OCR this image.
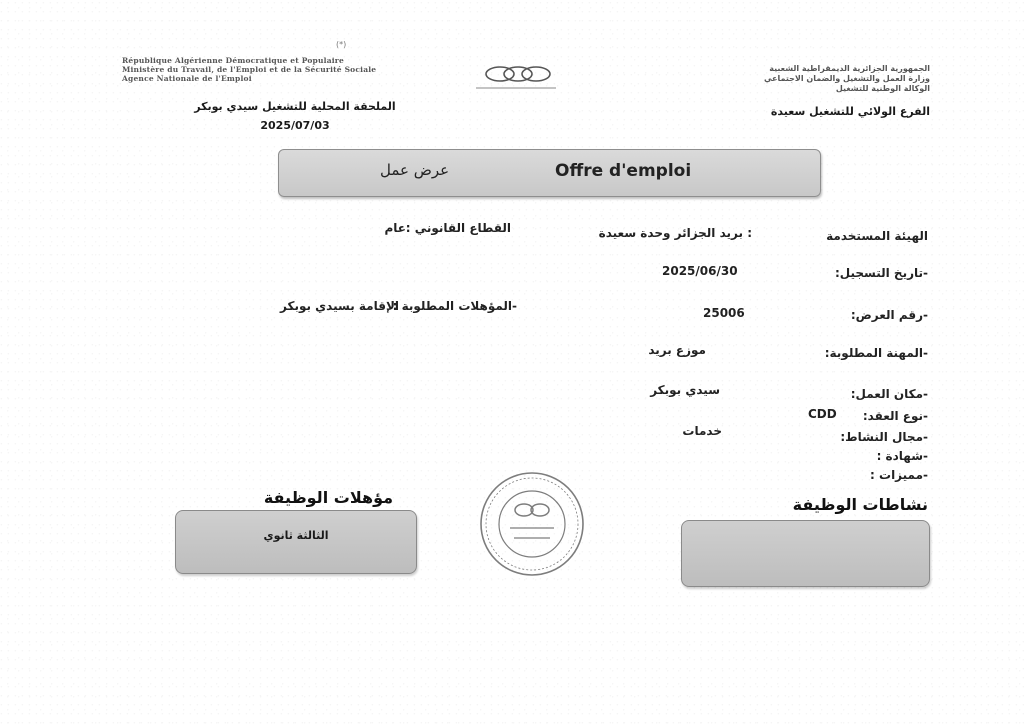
(*)
République Algérienne Démocratique et Populaire
Ministère du Travail, de l'Emploi et de la Sécurité Sociale
Agence Nationale de l'Emploi
الجمهورية الجزائرية الديمقراطية الشعبية
وزارة العمل والتشغيل والضمان الاجتماعي
الوكالة الوطنية للتشغيل
الملحقة المحلية للتشغيل سيدي بوبكر
2025/07/03
الفرع الولائي للتشغيل سعيدة
Offre d'emploi
عرض عمل
الهيئة المستخدمة
-تاريخ التسجيل:
-رقم العرض:
-المهنة المطلوبة:
-مكان العمل:
-نوع العقد:
-مجال النشاط:
-شهادة :
-مميزات :
: بريد الجزائر وحدة سعيدة
2025/06/30
25006
موزع بريد
سيدي بوبكر
CDD
خدمات
القطاع القانوني :
عام
-المؤهلات المطلوبة :
الإقامة بسيدي بوبكر
مؤهلات الوظيفة
الثالثة ثانوي
نشاطات الوظيفة
